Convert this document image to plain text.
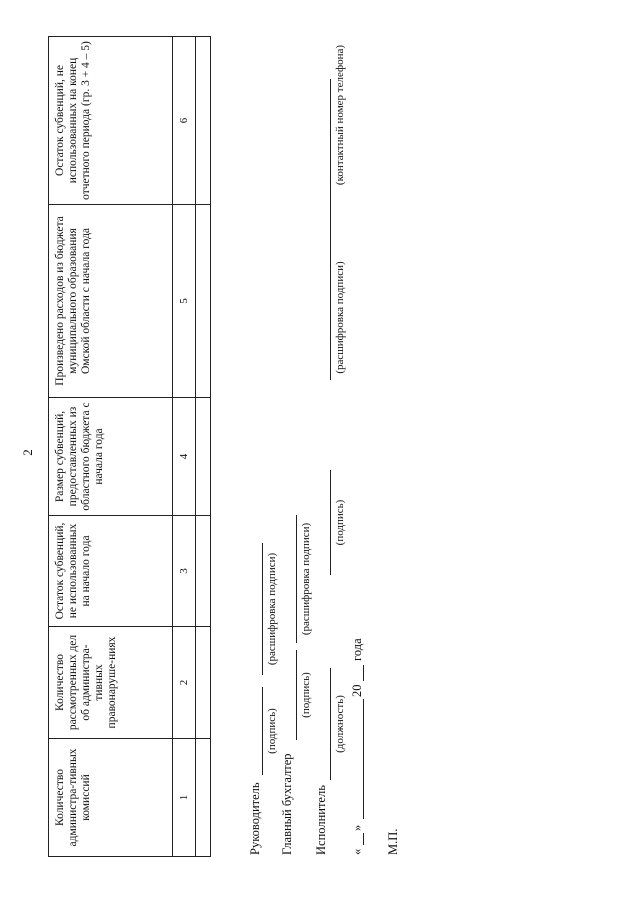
2
Количество администра-тивных комиссий	Количество рассмотренных дел об администра-тивных правонаруше-ниях	Остаток субвенций, не использованных на начало года	Размер субвенций, предоставленных из областного бюджета с начала года	Произведено расходов из бюджета муниципального образования Омской области с начала года	Остаток субвенций, не использованных на конец отчетного периода (гр. 3 + 4 – 5)
1	2	3	4	5	6

Руководитель
(подпись)
(расшифровка подписи)
Главный бухгалтер
(подпись)
(расшифровка подписи)
Исполнитель
(должность)
(подпись)
(расшифровка подписи)
(контактный номер телефона)
«
»
20
года
М.П.
